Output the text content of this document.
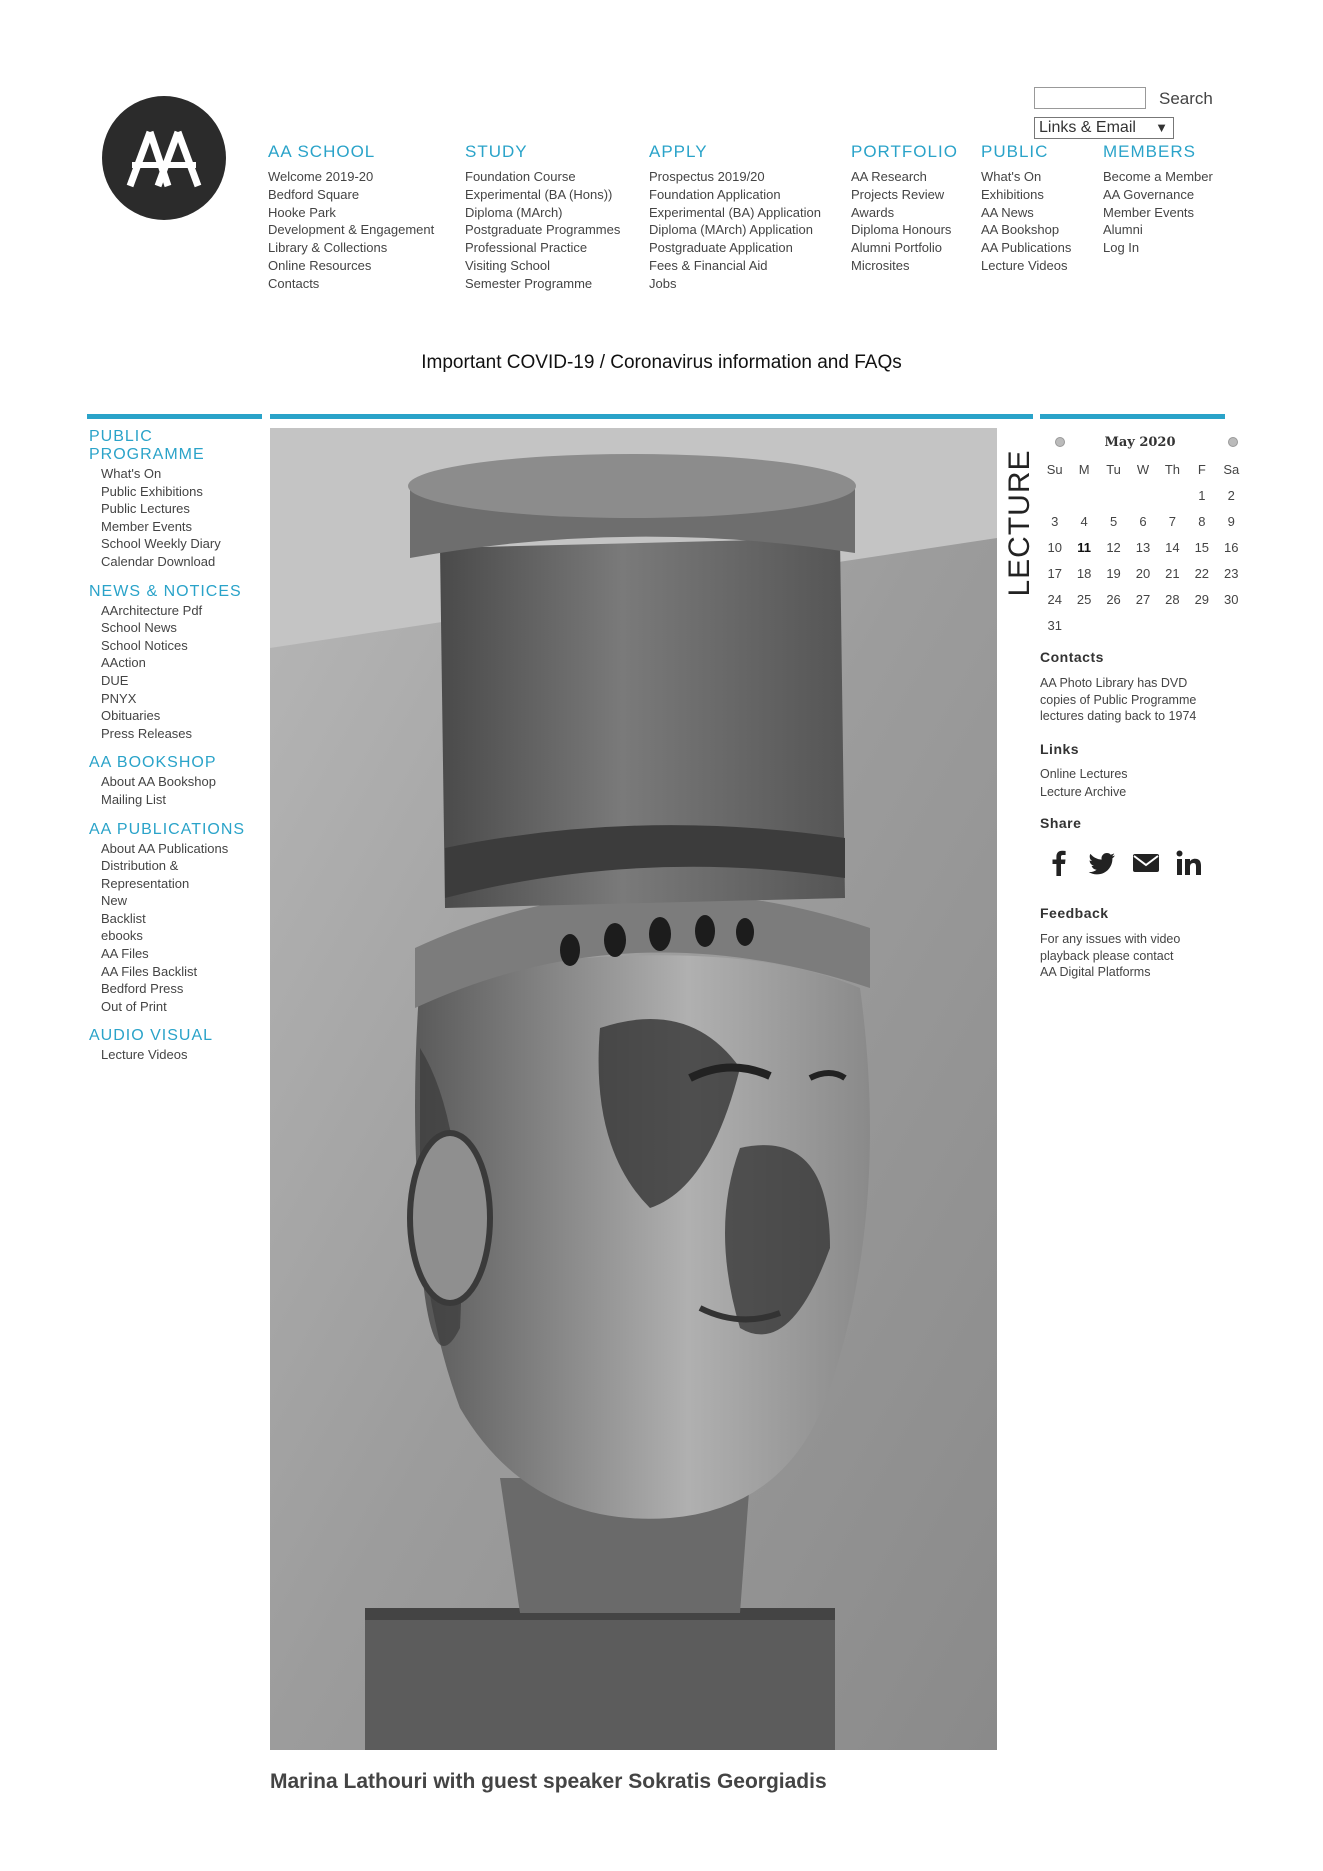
Search
Links & Email ▼
AA SCHOOL
Welcome 2019-20
Bedford Square
Hooke Park
Development & Engagement
Library & Collections
Online Resources
Contacts
STUDY
Foundation Course
Experimental (BA (Hons))
Diploma (MArch)
Postgraduate Programmes
Professional Practice
Visiting School
Semester Programme
APPLY
Prospectus 2019/20
Foundation Application
Experimental (BA) Application
Diploma (MArch) Application
Postgraduate Application
Fees & Financial Aid
Jobs
PORTFOLIO
AA Research
Projects Review
Awards
Diploma Honours
Alumni Portfolio
Microsites
PUBLIC
What's On
Exhibitions
AA News
AA Bookshop
AA Publications
Lecture Videos
MEMBERS
Become a Member
AA Governance
Member Events
Alumni
Log In
Important COVID-19 / Coronavirus information and FAQs
PUBLIC PROGRAMME
What's On
Public Exhibitions
Public Lectures
Member Events
School Weekly Diary
Calendar Download
NEWS & NOTICES
AArchitecture Pdf
School News
School Notices
AAction
DUE
PNYX
Obituaries
Press Releases
AA BOOKSHOP
About AA Bookshop
Mailing List
AA PUBLICATIONS
About AA Publications
Distribution &
Representation
New
Backlist
ebooks
AA Files
AA Files Backlist
Bedford Press
Out of Print
AUDIO VISUAL
Lecture Videos
LECTURE
Marina Lathouri with guest speaker Sokratis Georgiadis
May 2020
Su	M	Tu	W	Th	F	Sa
					1	2
3	4	5	6	7	8	9
10	11	12	13	14	15	16
17	18	19	20	21	22	23
24	25	26	27	28	29	30
31						
Contacts
AA Photo Library has DVD
copies of Public Programme
lectures dating back to 1974
Links
Online Lectures
Lecture Archive
Share
Feedback
For any issues with video
playback please contact
AA Digital Platforms
